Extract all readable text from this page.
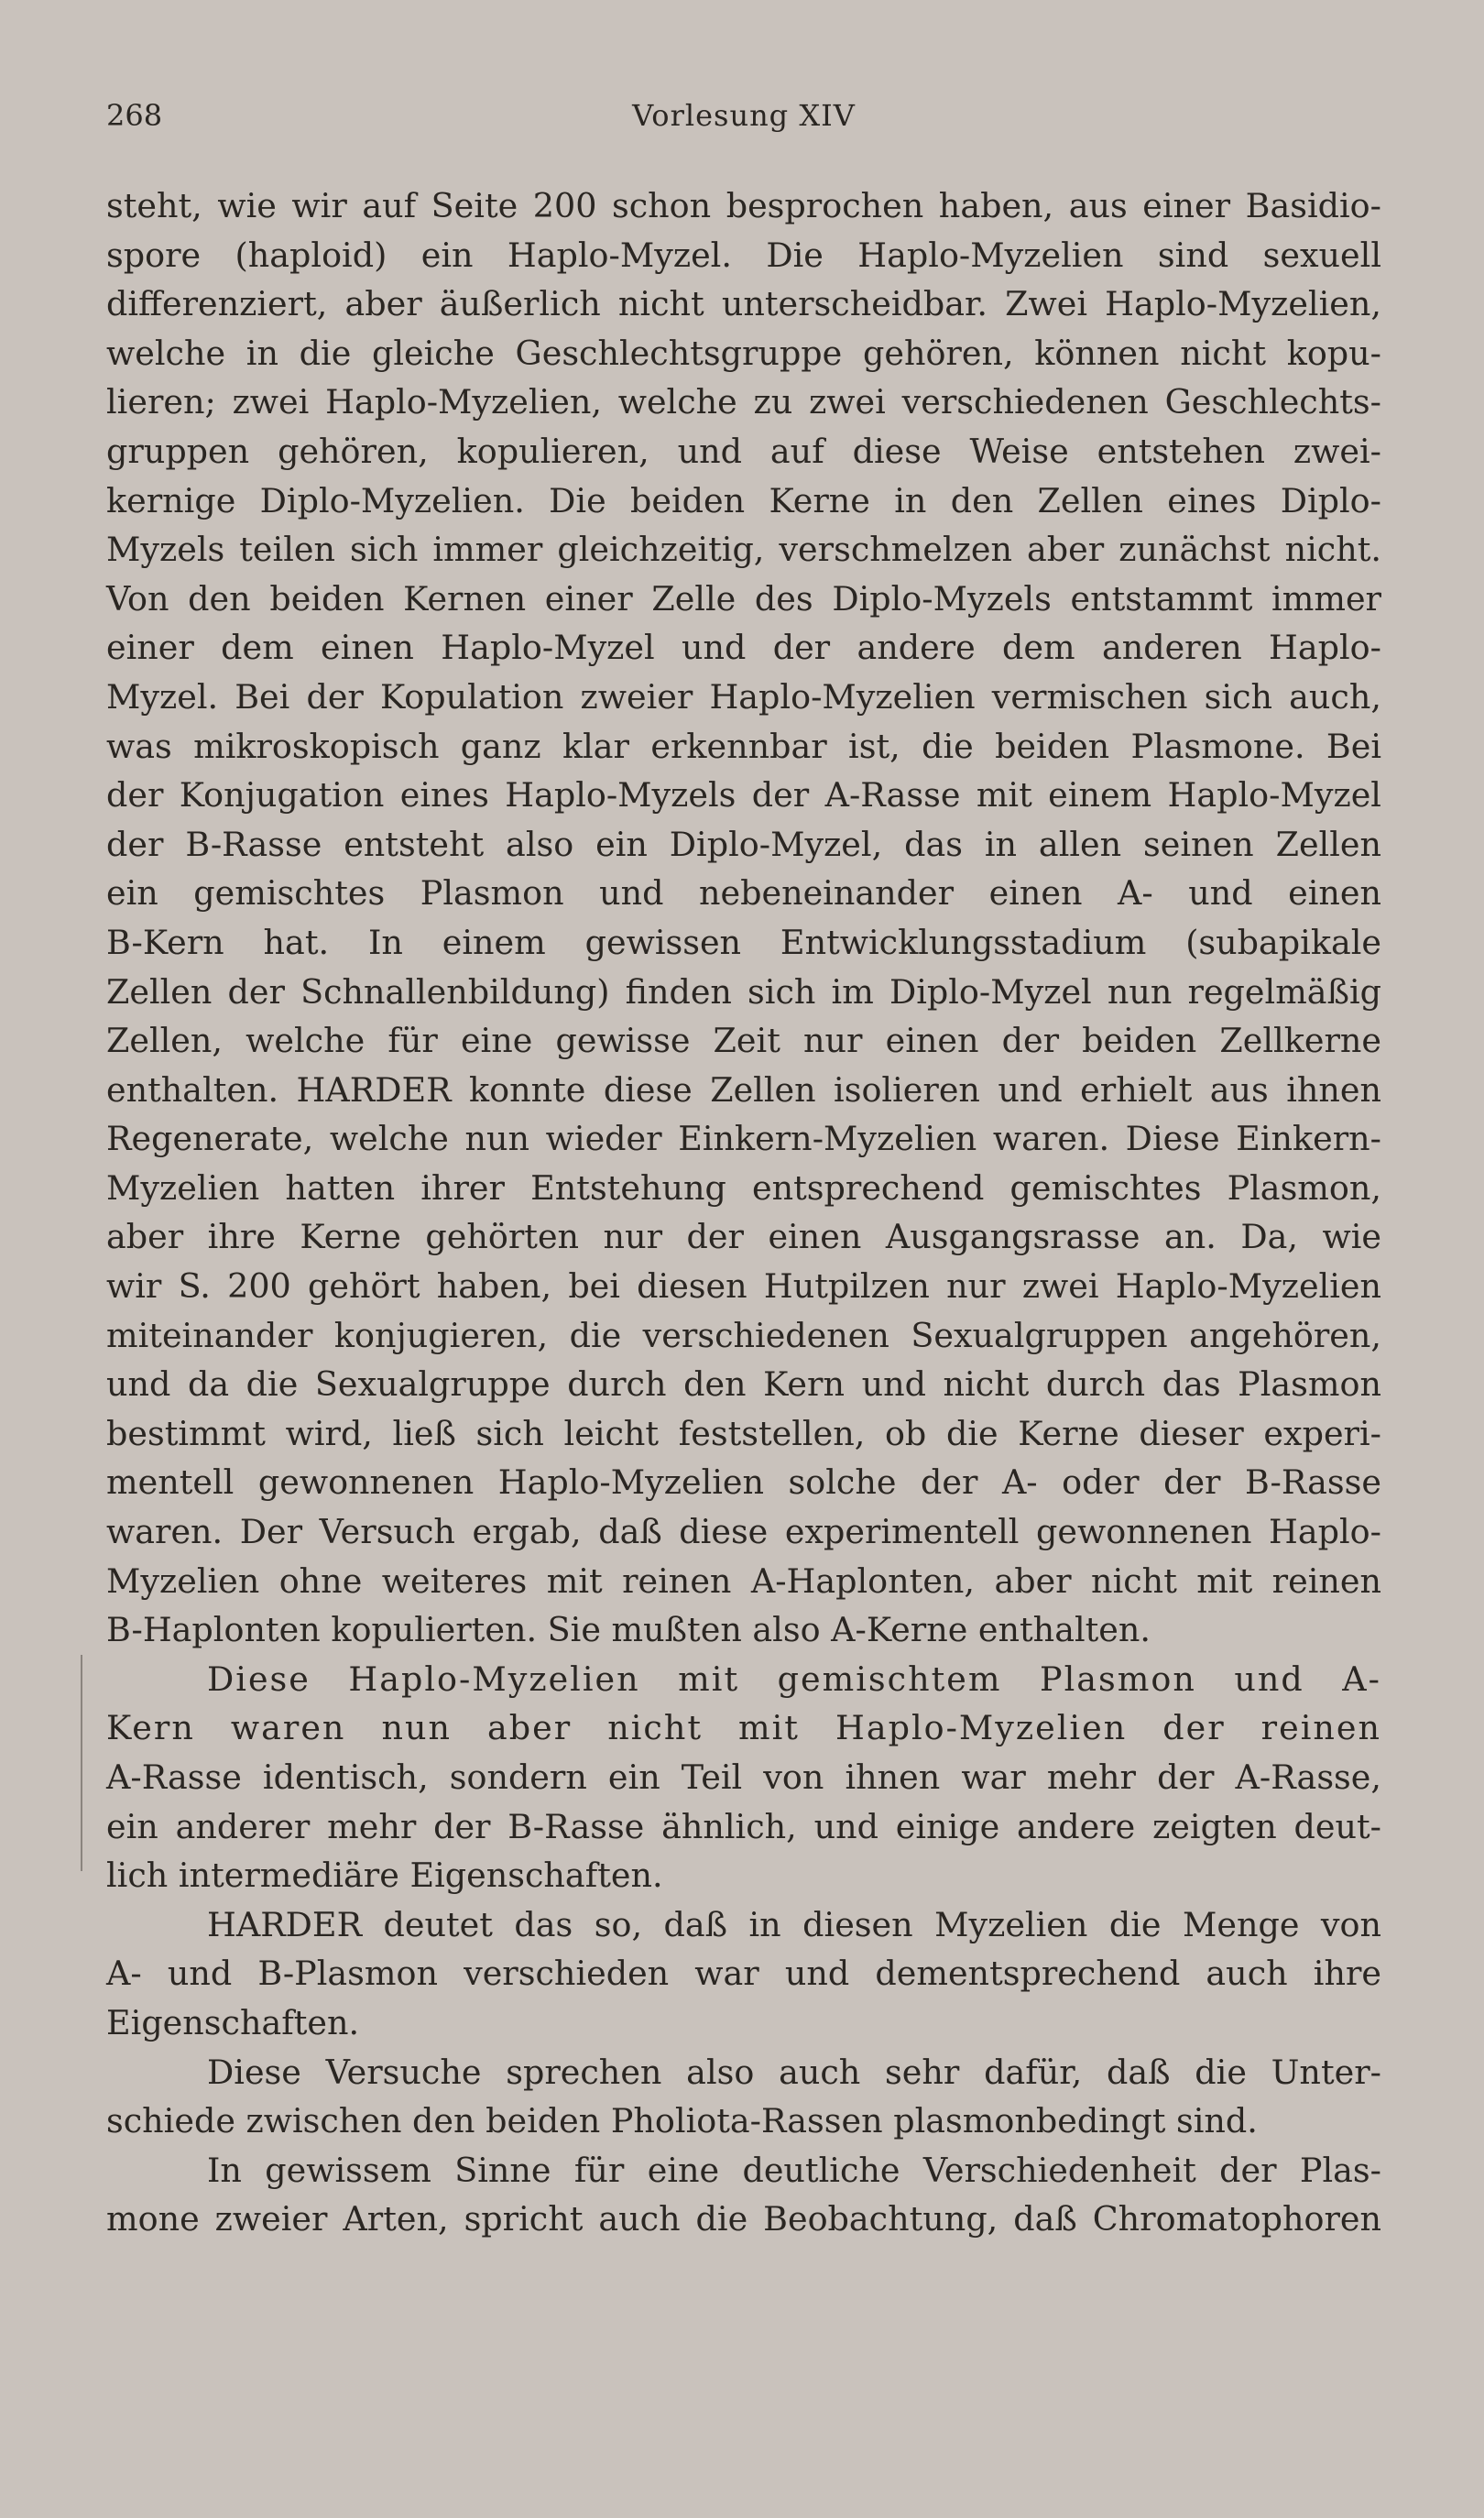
268	Vorlesung XIV
steht, wie wir auf Seite 200 schon besprochen haben, aus einer Basidio-
spore (haploid) ein Haplo-Myzel. Die Haplo-Myzelien sind sexuell
differenziert, aber äußerlich nicht unterscheidbar. Zwei Haplo-Myzelien,
welche in die gleiche Geschlechtsgruppe gehören, können nicht kopu-
lieren; zwei Haplo-Myzelien, welche zu zwei verschiedenen Geschlechts-
gruppen gehören, kopulieren, und auf diese Weise entstehen zwei-
kernige Diplo-Myzelien. Die beiden Kerne in den Zellen eines Diplo-
Myzels teilen sich immer gleichzeitig, verschmelzen aber zunächst nicht.
Von den beiden Kernen einer Zelle des Diplo-Myzels entstammt immer
einer dem einen Haplo-Myzel und der andere dem anderen Haplo-
Myzel. Bei der Kopulation zweier Haplo-Myzelien vermischen sich auch,
was mikroskopisch ganz klar erkennbar ist, die beiden Plasmone. Bei
der Konjugation eines Haplo-Myzels der A-Rasse mit einem Haplo-Myzel
der B-Rasse entsteht also ein Diplo-Myzel, das in allen seinen Zellen
ein gemischtes Plasmon und nebeneinander einen A- und einen
B-Kern hat. In einem gewissen Entwicklungsstadium (subapikale
Zellen der Schnallenbildung) finden sich im Diplo-Myzel nun regelmäßig
Zellen, welche für eine gewisse Zeit nur einen der beiden Zellkerne
enthalten. HARDER konnte diese Zellen isolieren und erhielt aus ihnen
Regenerate, welche nun wieder Einkern-Myzelien waren. Diese Einkern-
Myzelien hatten ihrer Entstehung entsprechend gemischtes Plasmon,
aber ihre Kerne gehörten nur der einen Ausgangsrasse an. Da, wie
wir S. 200 gehört haben, bei diesen Hutpilzen nur zwei Haplo-Myzelien
miteinander konjugieren, die verschiedenen Sexualgruppen angehören,
und da die Sexualgruppe durch den Kern und nicht durch das Plasmon
bestimmt wird, ließ sich leicht feststellen, ob die Kerne dieser experi-
mentell gewonnenen Haplo-Myzelien solche der A- oder der B-Rasse
waren. Der Versuch ergab, daß diese experimentell gewonnenen Haplo-
Myzelien ohne weiteres mit reinen A-Haplonten, aber nicht mit reinen
B-Haplonten kopulierten. Sie mußten also A-Kerne enthalten.
Diese Haplo-Myzelien mit gemischtem Plasmon und A-
Kern waren nun aber nicht mit Haplo-Myzelien der reinen
A-Rasse identisch, sondern ein Teil von ihnen war mehr der A-Rasse,
ein anderer mehr der B-Rasse ähnlich, und einige andere zeigten deut-
lich intermediäre Eigenschaften.
HARDER deutet das so, daß in diesen Myzelien die Menge von
A- und B-Plasmon verschieden war und dementsprechend auch ihre
Eigenschaften.
Diese Versuche sprechen also auch sehr dafür, daß die Unter-
schiede zwischen den beiden Pholiota-Rassen plasmonbedingt sind.
In gewissem Sinne für eine deutliche Verschiedenheit der Plas-
mone zweier Arten, spricht auch die Beobachtung, daß Chromatophoren
